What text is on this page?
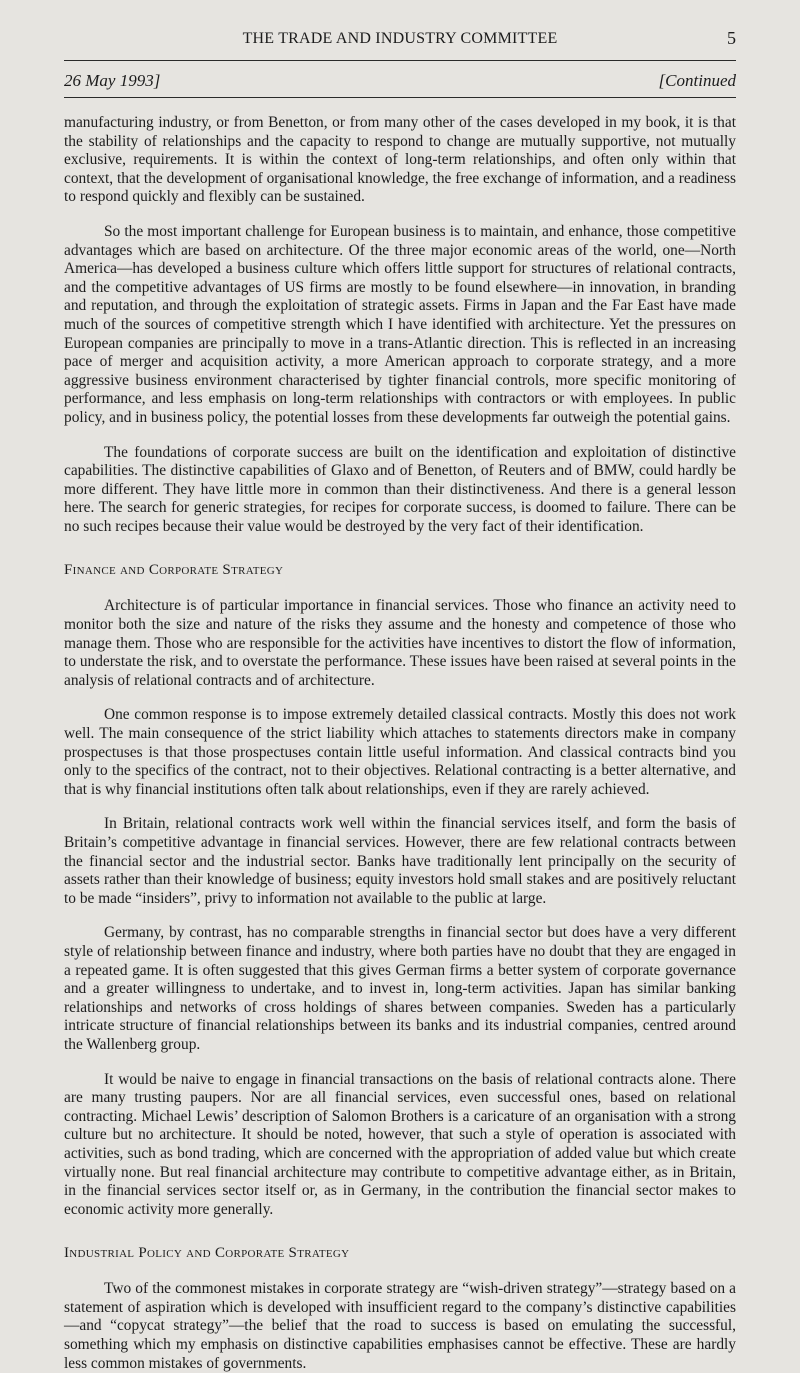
THE TRADE AND INDUSTRY COMMITTEE	5
26 May 1993]	[Continued

manufacturing industry, or from Benetton, or from many other of the cases developed in my book, it is that the stability of relationships and the capacity to respond to change are mutually supportive, not mutually exclusive, requirements. It is within the context of long-term relationships, and often only within that context, that the development of organisational knowledge, the free exchange of information, and a readiness to respond quickly and flexibly can be sustained.

So the most important challenge for European business is to maintain, and enhance, those competitive advantages which are based on architecture. Of the three major economic areas of the world, one—North America—has developed a business culture which offers little support for structures of relational contracts, and the competitive advantages of US firms are mostly to be found elsewhere—in innovation, in branding and reputation, and through the exploitation of strategic assets. Firms in Japan and the Far East have made much of the sources of competitive strength which I have identified with architecture. Yet the pressures on European companies are principally to move in a trans-Atlantic direction. This is reflected in an increasing pace of merger and acquisition activity, a more American approach to corporate strategy, and a more aggressive business environment characterised by tighter financial controls, more specific monitoring of performance, and less emphasis on long-term relationships with contractors or with employees. In public policy, and in business policy, the potential losses from these developments far outweigh the potential gains.

The foundations of corporate success are built on the identification and exploitation of distinctive capabilities. The distinctive capabilities of Glaxo and of Benetton, of Reuters and of BMW, could hardly be more different. They have little more in common than their distinctiveness. And there is a general lesson here. The search for generic strategies, for recipes for corporate success, is doomed to failure. There can be no such recipes because their value would be destroyed by the very fact of their identification.

Finance and Corporate Strategy

Architecture is of particular importance in financial services. Those who finance an activity need to monitor both the size and nature of the risks they assume and the honesty and competence of those who manage them. Those who are responsible for the activities have incentives to distort the flow of information, to understate the risk, and to overstate the performance. These issues have been raised at several points in the analysis of relational contracts and of architecture.

One common response is to impose extremely detailed classical contracts. Mostly this does not work well. The main consequence of the strict liability which attaches to statements directors make in company prospectuses is that those prospectuses contain little useful information. And classical contracts bind you only to the specifics of the contract, not to their objectives. Relational contracting is a better alternative, and that is why financial institutions often talk about relationships, even if they are rarely achieved.

In Britain, relational contracts work well within the financial services itself, and form the basis of Britain’s competitive advantage in financial services. However, there are few relational contracts between the financial sector and the industrial sector. Banks have traditionally lent principally on the security of assets rather than their knowledge of business; equity investors hold small stakes and are positively reluctant to be made “insiders”, privy to information not available to the public at large.

Germany, by contrast, has no comparable strengths in financial sector but does have a very different style of relationship between finance and industry, where both parties have no doubt that they are engaged in a repeated game. It is often suggested that this gives German firms a better system of corporate governance and a greater willingness to undertake, and to invest in, long-term activities. Japan has similar banking relationships and networks of cross holdings of shares between companies. Sweden has a particularly intricate structure of financial relationships between its banks and its industrial companies, centred around the Wallenberg group.

It would be naive to engage in financial transactions on the basis of relational contracts alone. There are many trusting paupers. Nor are all financial services, even successful ones, based on relational contracting. Michael Lewis’ description of Salomon Brothers is a caricature of an organisation with a strong culture but no architecture. It should be noted, however, that such a style of operation is associated with activities, such as bond trading, which are concerned with the appropriation of added value but which create virtually none. But real financial architecture may contribute to competitive advantage either, as in Britain, in the financial services sector itself or, as in Germany, in the contribution the financial sector makes to economic activity more generally.

Industrial Policy and Corporate Strategy

Two of the commonest mistakes in corporate strategy are “wish-driven strategy”—strategy based on a statement of aspiration which is developed with insufficient regard to the company’s distinctive capabilities—and “copycat strategy”—the belief that the road to success is based on emulating the successful, something which my emphasis on distinctive capabilities emphasises cannot be effective. These are hardly less common mistakes of governments.
